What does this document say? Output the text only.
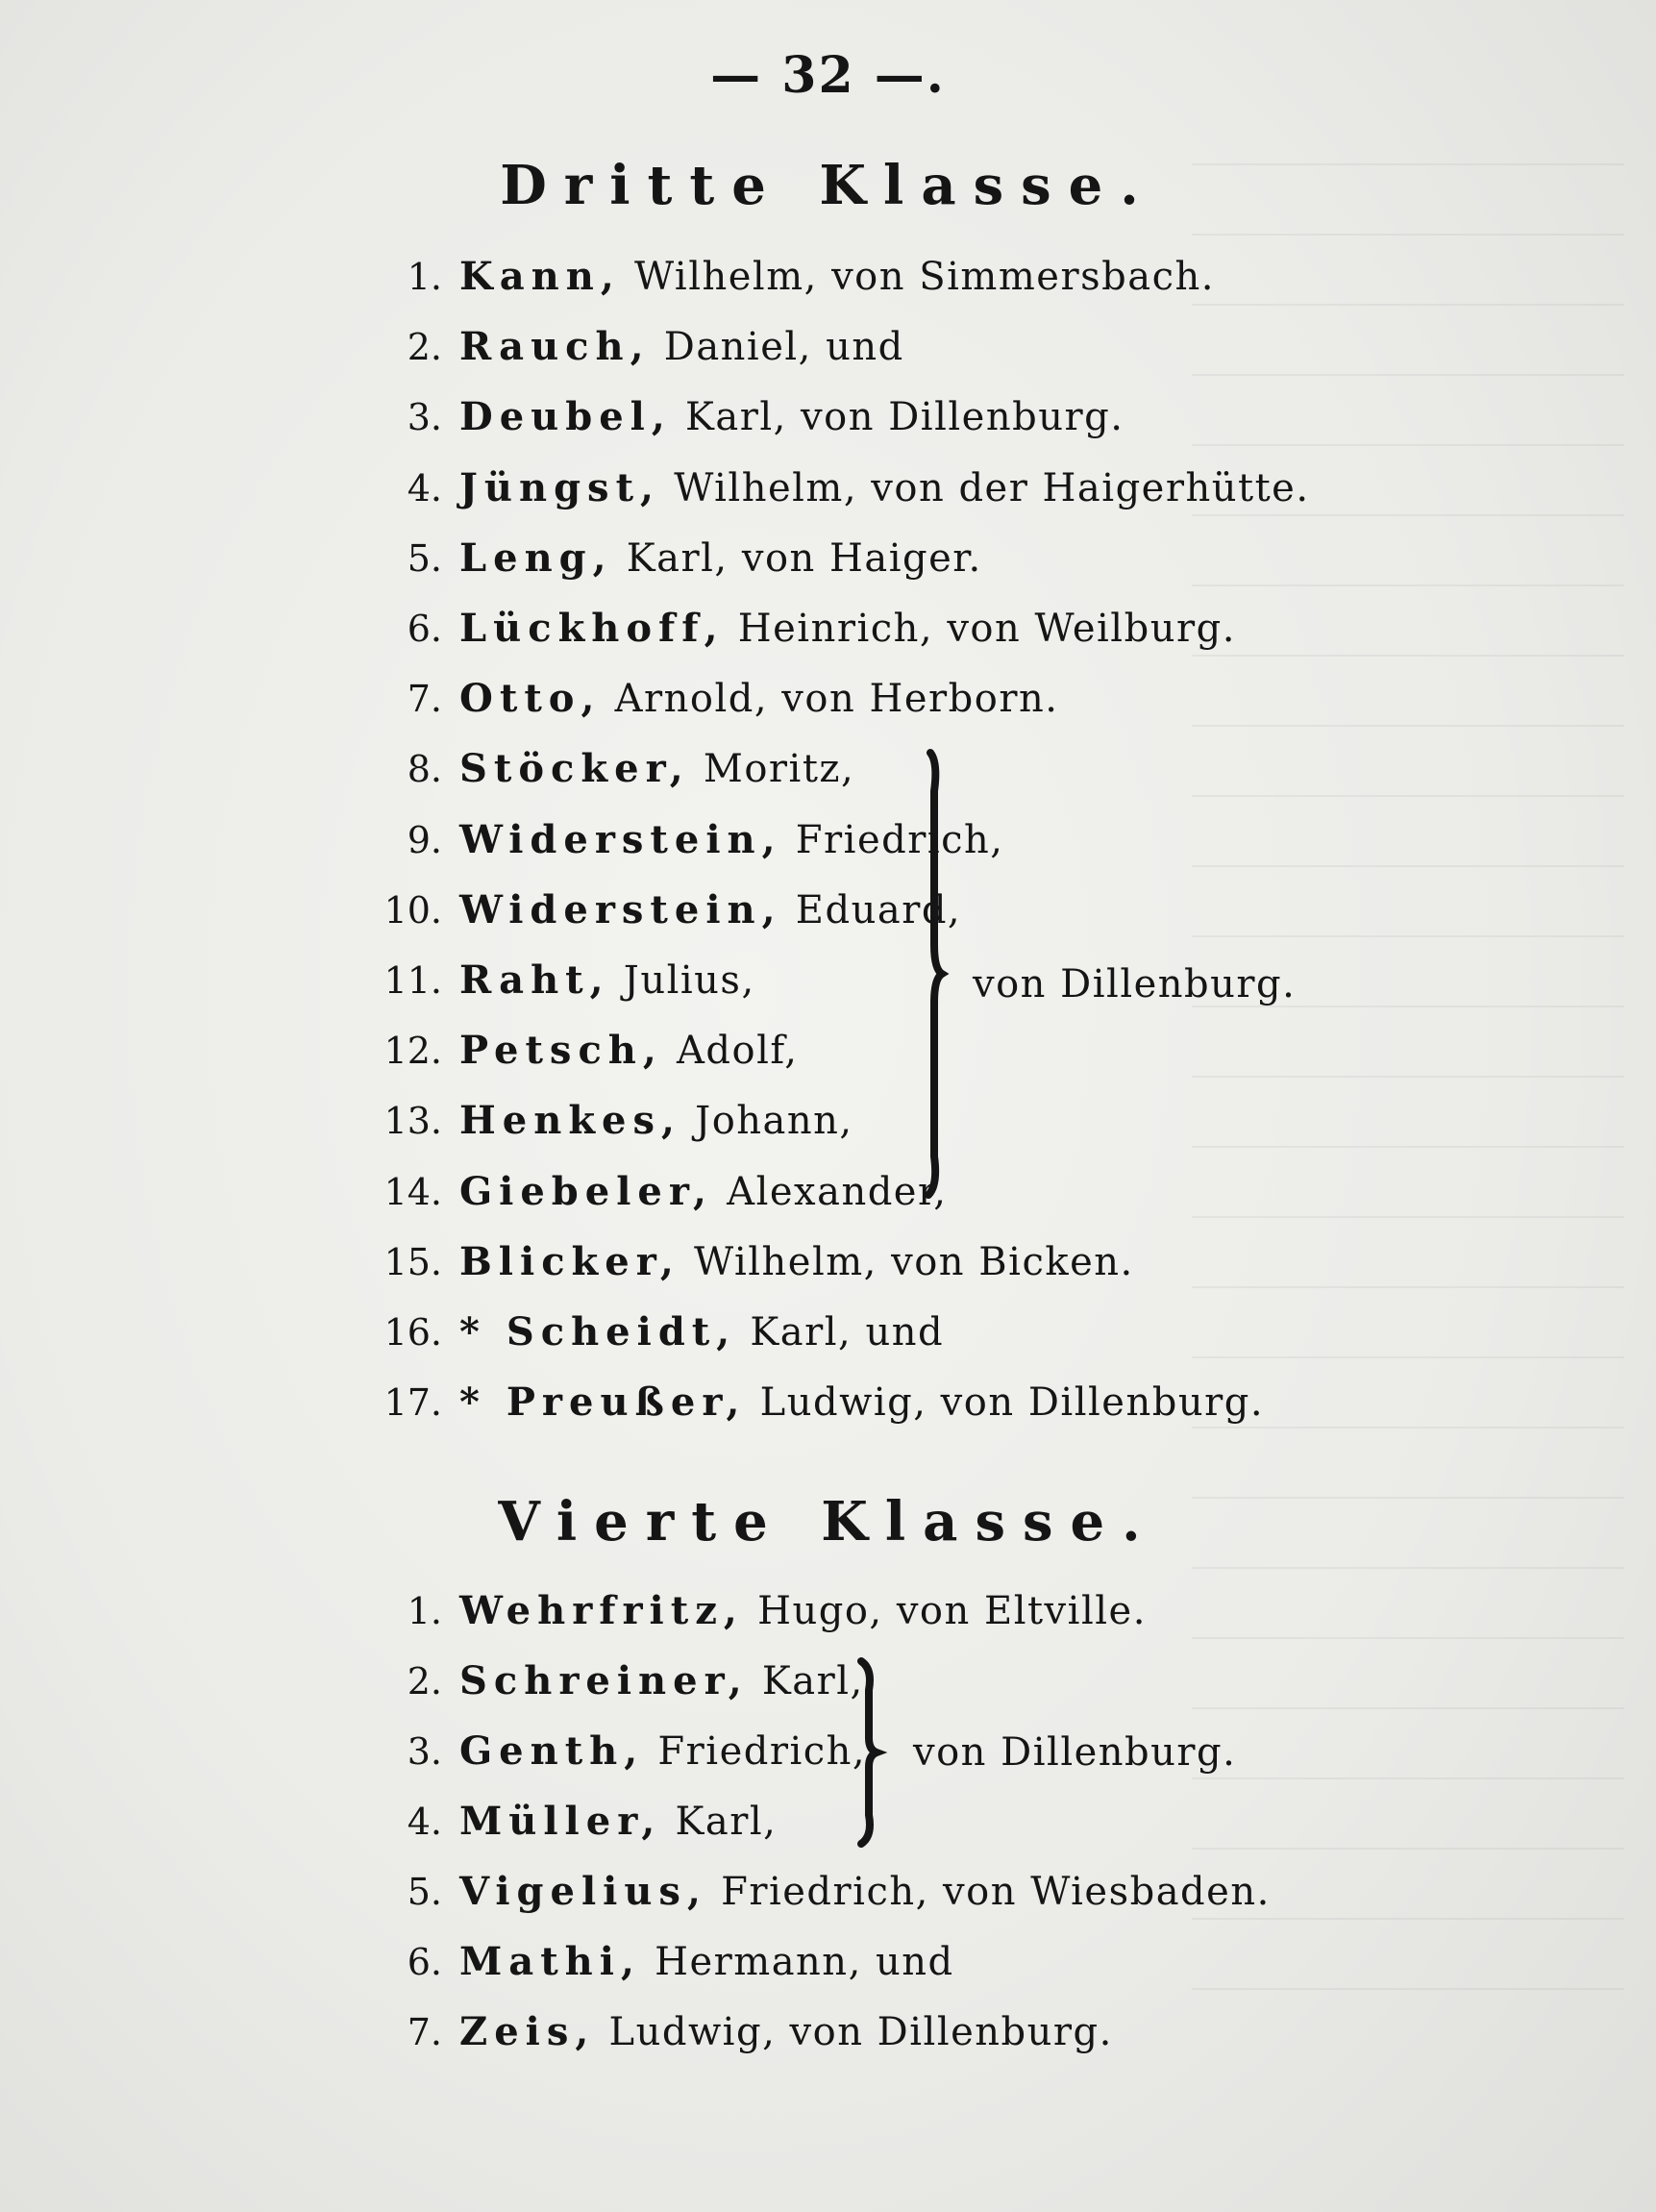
— 32 —.
Dritte Klasse.
1. Kann, Wilhelm, von Simmersbach.
2. Rauch, Daniel, und
3. Deubel, Karl, von Dillenburg.
4. Jüngst, Wilhelm, von der Haigerhütte.
5. Leng, Karl, von Haiger.
6. Lückhoff, Heinrich, von Weilburg.
7. Otto, Arnold, von Herborn.
8. Stöcker, Moritz,
9. Widerstein, Friedrich,
10. Widerstein, Eduard,
11. Raht, Julius,
12. Petsch, Adolf,
13. Henkes, Johann,
14. Giebeler, Alexander,
15. Blicker, Wilhelm, von Bicken.
16. * Scheidt, Karl, und
17. * Preußer, Ludwig, von Dillenburg.
von Dillenburg.
Vierte Klasse.
1. Wehrfritz, Hugo, von Eltville.
2. Schreiner, Karl,
3. Genth, Friedrich,
4. Müller, Karl,
5. Vigelius, Friedrich, von Wiesbaden.
6. Mathi, Hermann, und
7. Zeis, Ludwig, von Dillenburg.
von Dillenburg.
